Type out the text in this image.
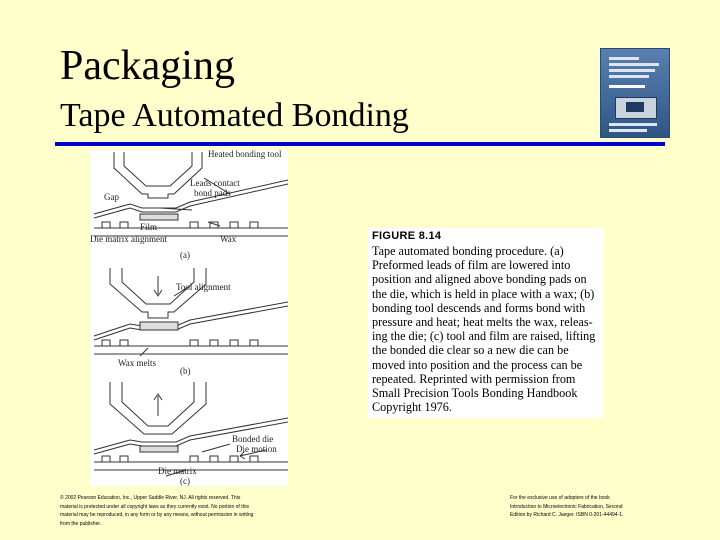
Packaging
Tape Automated Bonding
Heated bonding tool
Leads contact
bond pads
Gap
Film
Die matrix alignment	Wax
(a)
Tool alignment
Wax melts
(b)
Bonded die
Die motion
Die matrix
(c)
FIGURE 8.14
Tape automated bonding procedure. (a)
Preformed leads of film are lowered into
position and aligned above bonding pads on
the die, which is held in place with a wax; (b)
bonding tool descends and forms bond with
pressure and heat; heat melts the wax, releas-
ing the die; (c) tool and film are raised, lifting
the bonded die clear so a new die can be
moved into position and the process can be
repeated. Reprinted with permission from
Small Precision Tools Bonding Handbook
Copyright 1976.
© 2002 Pearson Education, Inc., Upper Saddle River, NJ. All rights reserved. This
material is protected under all copyright laws as they currently exist. No portion of this
material may be reproduced, in any form or by any means, without permission in writing
from the publisher.
For the exclusive use of adopters of the book
Introduction to Microelectronic Fabrication, Second
Edition by Richard C. Jaeger. ISBN 0-201-44494-1.
